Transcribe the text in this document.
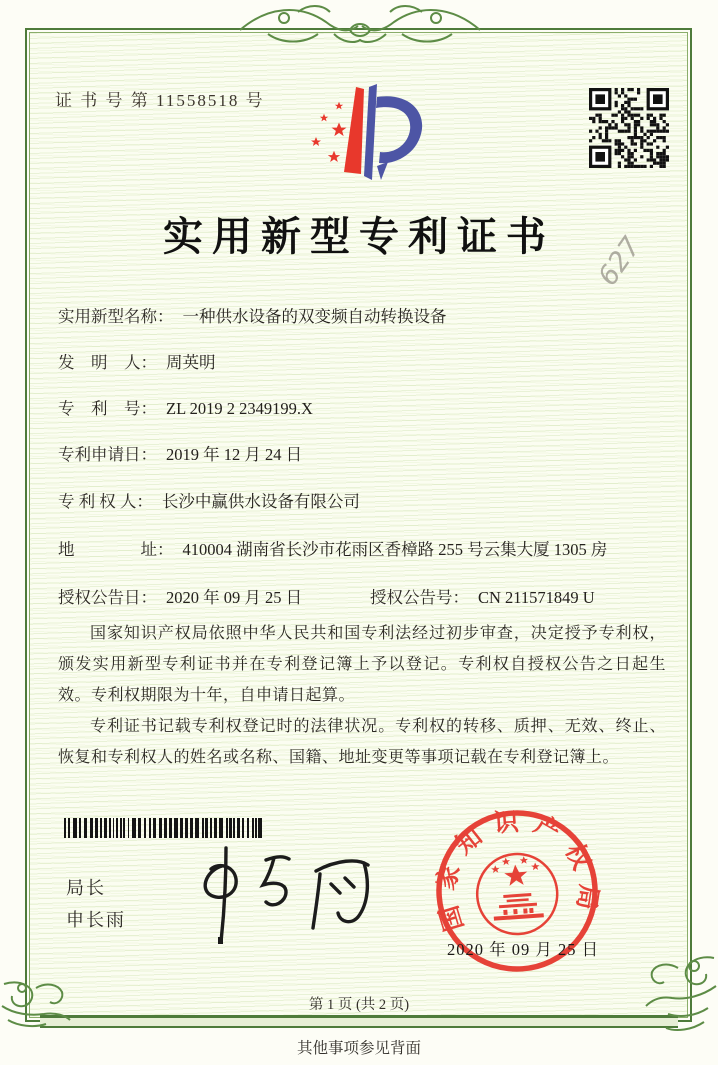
证 书 号 第 11558518 号
实用新型专利证书	627
实用新型名称： 一种供水设备的双变频自动转换设备
发　明　人： 周英明
专　利　号： ZL 2019 2 2349199.X
专利申请日： 2019 年 12 月 24 日
专 利 权 人： 长沙中赢供水设备有限公司
地　　　　址： 410004 湖南省长沙市花雨区香樟路 255 号云集大厦 1305 房
授权公告日： 2020 年 09 月 25 日	授权公告号： CN 211571849 U

国家知识产权局依照中华人民共和国专利法经过初步审查，决定授予专利权，颁发实用新型专利证书并在专利登记簿上予以登记。专利权自授权公告之日起生效。专利权期限为十年，自申请日起算。

专利证书记载专利权登记时的法律状况。专利权的转移、质押、无效、终止、恢复和专利权人的姓名或名称、国籍、地址变更等事项记载在专利登记簿上。

局长
申长雨	国家知识产权局
2020 年 09 月 25 日
第 1 页 (共 2 页)
其他事项参见背面
